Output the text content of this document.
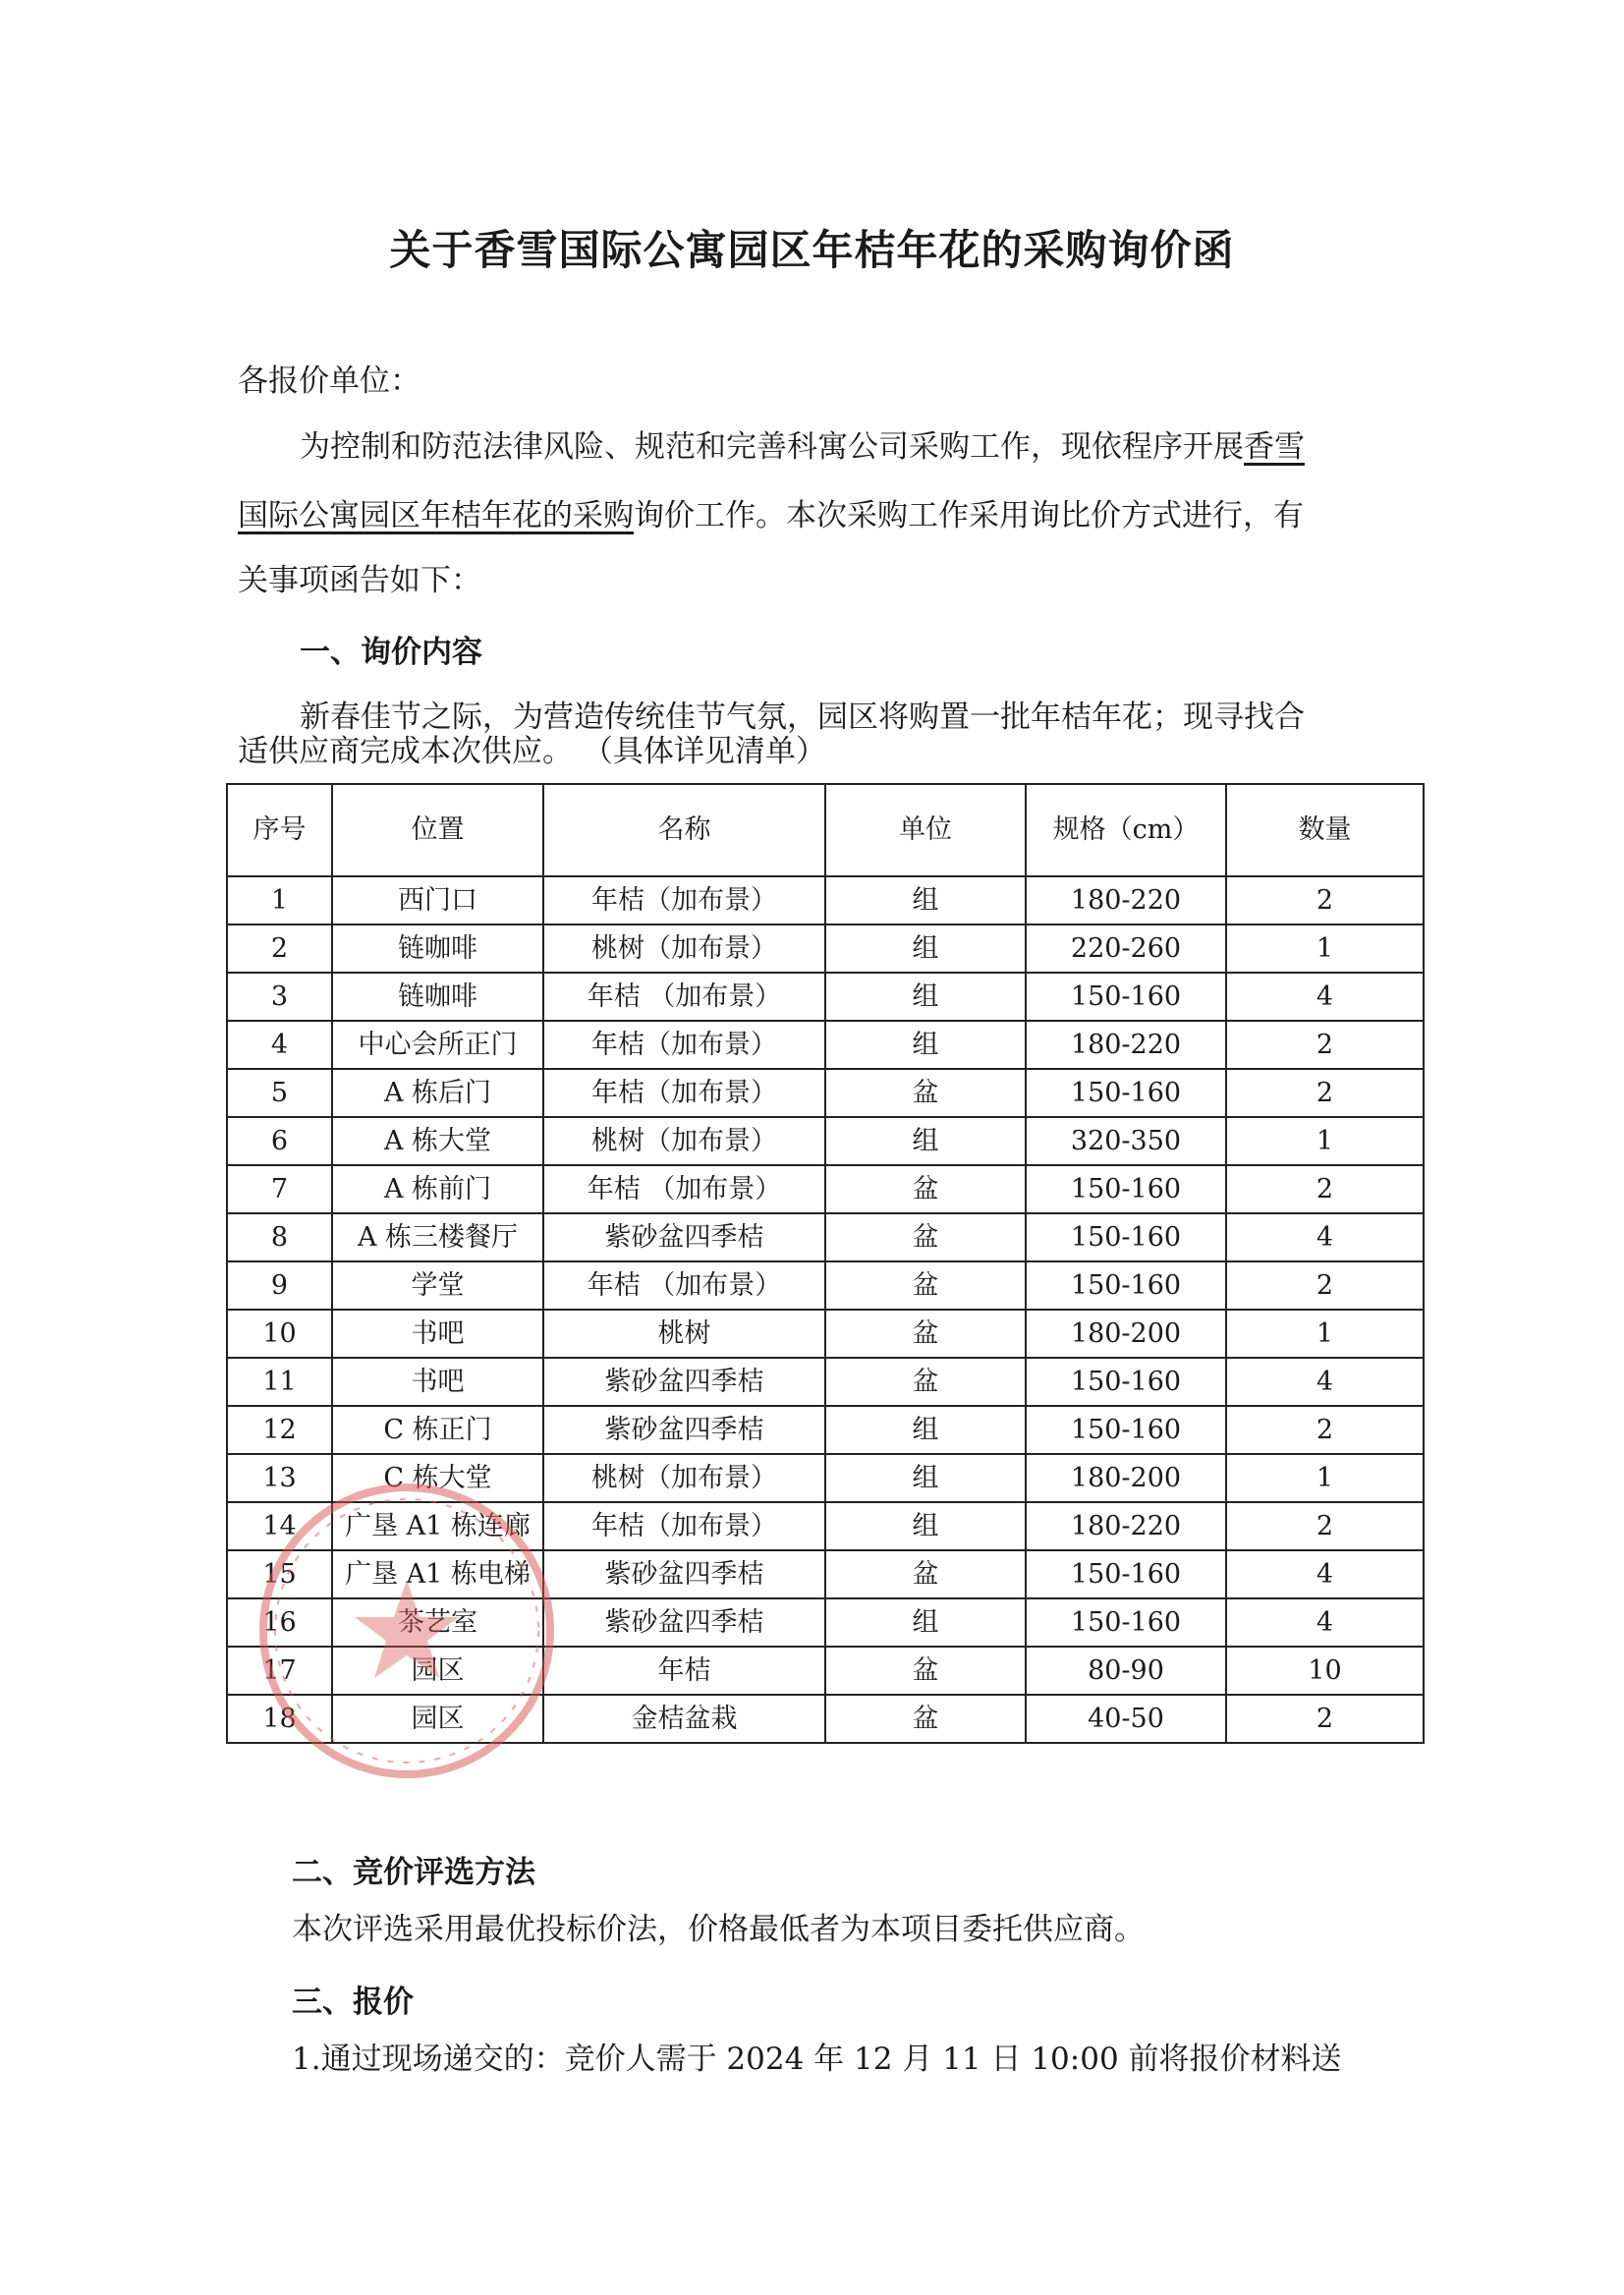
关于香雪国际公寓园区年桔年花的采购询价函
各报价单位：
为控制和防范法律风险、规范和完善科寓公司采购工作，现依程序开展香雪
国际公寓园区年桔年花的采购询价工作。本次采购工作采用询比价方式进行，有
关事项函告如下：
一、询价内容
新春佳节之际，为营造传统佳节气氛，园区将购置一批年桔年花；现寻找合
适供应商完成本次供应。 （具体详见清单）
序号	位置	名称	单位	规格（cm）	数量
1	西门口	年桔（加布景）	组	180-220	2
2	链咖啡	桃树（加布景）	组	220-260	1
3	链咖啡	年桔 （加布景）	组	150-160	4
4	中心会所正门	年桔（加布景）	组	180-220	2
5	A 栋后门	年桔（加布景）	盆	150-160	2
6	A 栋大堂	桃树（加布景）	组	320-350	1
7	A 栋前门	年桔 （加布景）	盆	150-160	2
8	A 栋三楼餐厅	紫砂盆四季桔	盆	150-160	4
9	学堂	年桔 （加布景）	盆	150-160	2
10	书吧	桃树	盆	180-200	1
11	书吧	紫砂盆四季桔	盆	150-160	4
12	C 栋正门	紫砂盆四季桔	组	150-160	2
13	C 栋大堂	桃树（加布景）	组	180-200	1
14	广垦 A1 栋连廊	年桔（加布景）	组	180-220	2
15	广垦 A1 栋电梯	紫砂盆四季桔	盆	150-160	4
16	茶艺室	紫砂盆四季桔	组	150-160	4
17	园区	年桔	盆	80-90	10
18	园区	金桔盆栽	盆	40-50	2
二、竞价评选方法
本次评选采用最优投标价法，价格最低者为本项目委托供应商。
三、报价
1.通过现场递交的：竞价人需于 2024 年 12 月 11 日 10:00 前将报价材料送
